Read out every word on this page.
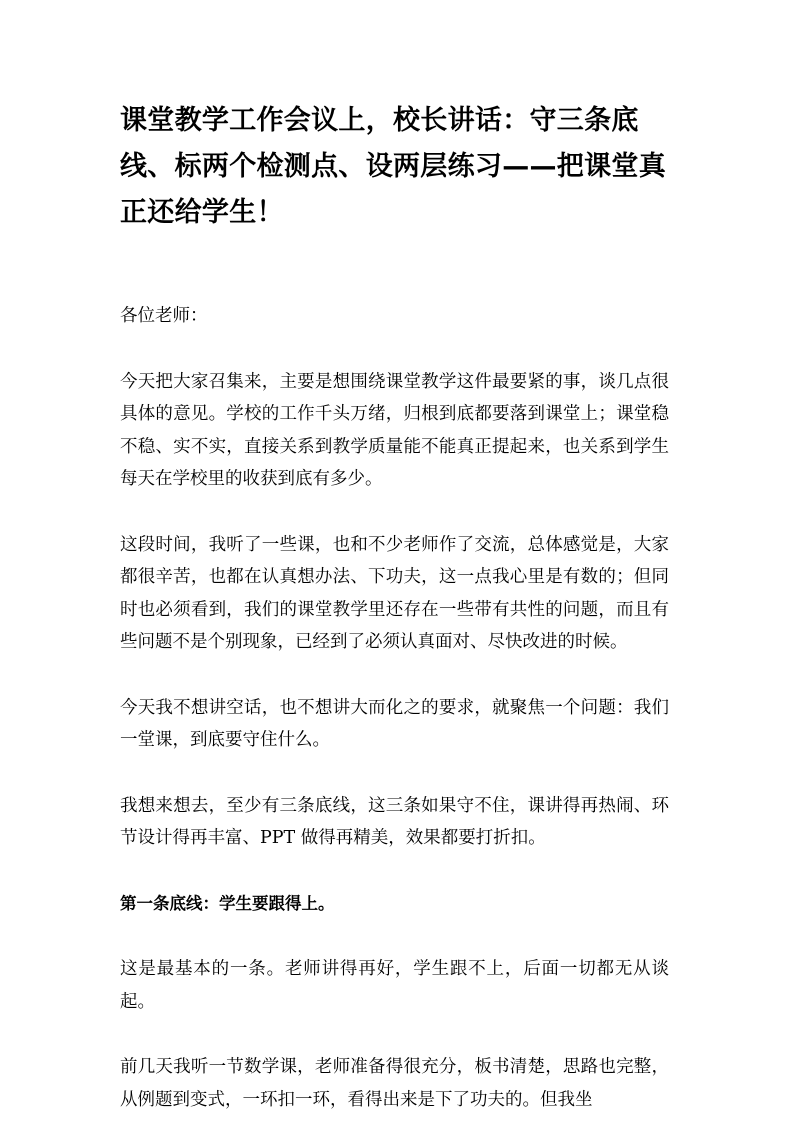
课堂教学工作会议上，校长讲话：守三条底线、标两个检测点、设两层练习——把课堂真正还给学生！

各位老师：

今天把大家召集来，主要是想围绕课堂教学这件最要紧的事，谈几点很具体的意见。学校的工作千头万绪，归根到底都要落到课堂上；课堂稳不稳、实不实，直接关系到教学质量能不能真正提起来，也关系到学生每天在学校里的收获到底有多少。

这段时间，我听了一些课，也和不少老师作了交流，总体感觉是，大家都很辛苦，也都在认真想办法、下功夫，这一点我心里是有数的；但同时也必须看到，我们的课堂教学里还存在一些带有共性的问题，而且有些问题不是个别现象，已经到了必须认真面对、尽快改进的时候。

今天我不想讲空话，也不想讲大而化之的要求，就聚焦一个问题：我们一堂课，到底要守住什么。

我想来想去，至少有三条底线，这三条如果守不住，课讲得再热闹、环节设计得再丰富、PPT 做得再精美，效果都要打折扣。

第一条底线：学生要跟得上。

这是最基本的一条。老师讲得再好，学生跟不上，后面一切都无从谈起。

前几天我听一节数学课，老师准备得很充分，板书清楚，思路也完整，从例题到变式，一环扣一环，看得出来是下了功夫的。但我坐
